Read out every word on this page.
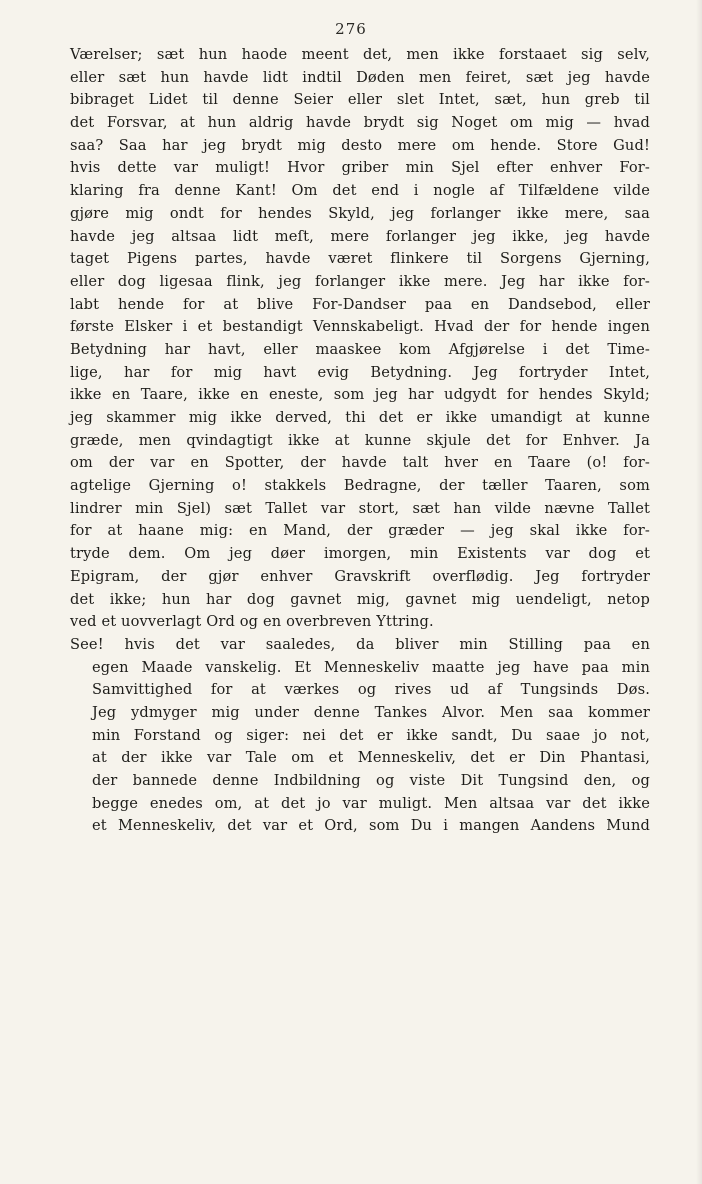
276
Værelser; sæt hun haode meent det, men ikke forstaaet sig selv,
eller sæt hun havde lidt indtil Døden men feiret, sæt jeg havde
bibraget Lidet til denne Seier eller slet Intet, sæt, hun greb til
det Forsvar, at hun aldrig havde brydt sig Noget om mig — hvad
saa? Saa har jeg brydt mig desto mere om hende. Store Gud!
hvis dette var muligt! Hvor griber min Sjel efter enhver For-
klaring fra denne Kant! Om det end i nogle af Tilfældene vilde
gjøre mig ondt for hendes Skyld, jeg forlanger ikke mere, saa
havde jeg altsaa lidt meſt, mere forlanger jeg ikke, jeg havde
taget Pigens partes, havde været flinkere til Sorgens Gjerning,
eller dog ligesaa flink, jeg forlanger ikke mere. Jeg har ikke for-
labt hende for at blive For-Dandser paa en Dandsebod, eller
første Elsker i et bestandigt Vennskabeligt. Hvad der for hende ingen
Betydning har havt, eller maaskee kom Afgjørelse i det Time-
lige, har for mig havt evig Betydning. Jeg fortryder Intet,
ikke en Taare, ikke en eneste, som jeg har udgydt for hendes Skyld;
jeg skammer mig ikke derved, thi det er ikke umandigt at kunne
græde, men qvindagtigt ikke at kunne skjule det for Enhver. Ja
om der var en Spotter, der havde talt hver en Taare (o! for-
agtelige Gjerning o! stakkels Bedragne, der tæller Taaren, som
lindrer min Sjel) sæt Tallet var stort, sæt han vilde nævne Tallet
for at haane mig: en Mand, der græder — jeg skal ikke for-
tryde dem. Om jeg døer imorgen, min Existents var dog et
Epigram, der gjør enhver Gravskrift overflødig. Jeg fortryder
det ikke; hun har dog gavnet mig, gavnet mig uendeligt, netop
ved et uovverlagt Ord og en overbreven Yttring.
See! hvis det var saaledes, da bliver min Stilling paa en
egen Maade vanskelig. Et Menneskeliv maatte jeg have paa min
Samvittighed for at værkes og rives ud af Tungsinds Døs.
Jeg ydmyger mig under denne Tankes Alvor. Men saa kommer
min Forstand og siger: nei det er ikke sandt, Du saae jo not,
at der ikke var Tale om et Menneskeliv, det er Din Phantasi,
der bannede denne Indbildning og viste Dit Tungsind den, og
begge enedes om, at det jo var muligt. Men altsaa var det ikke
et Menneskeliv, det var et Ord, som Du i mangen Aandens Mund
